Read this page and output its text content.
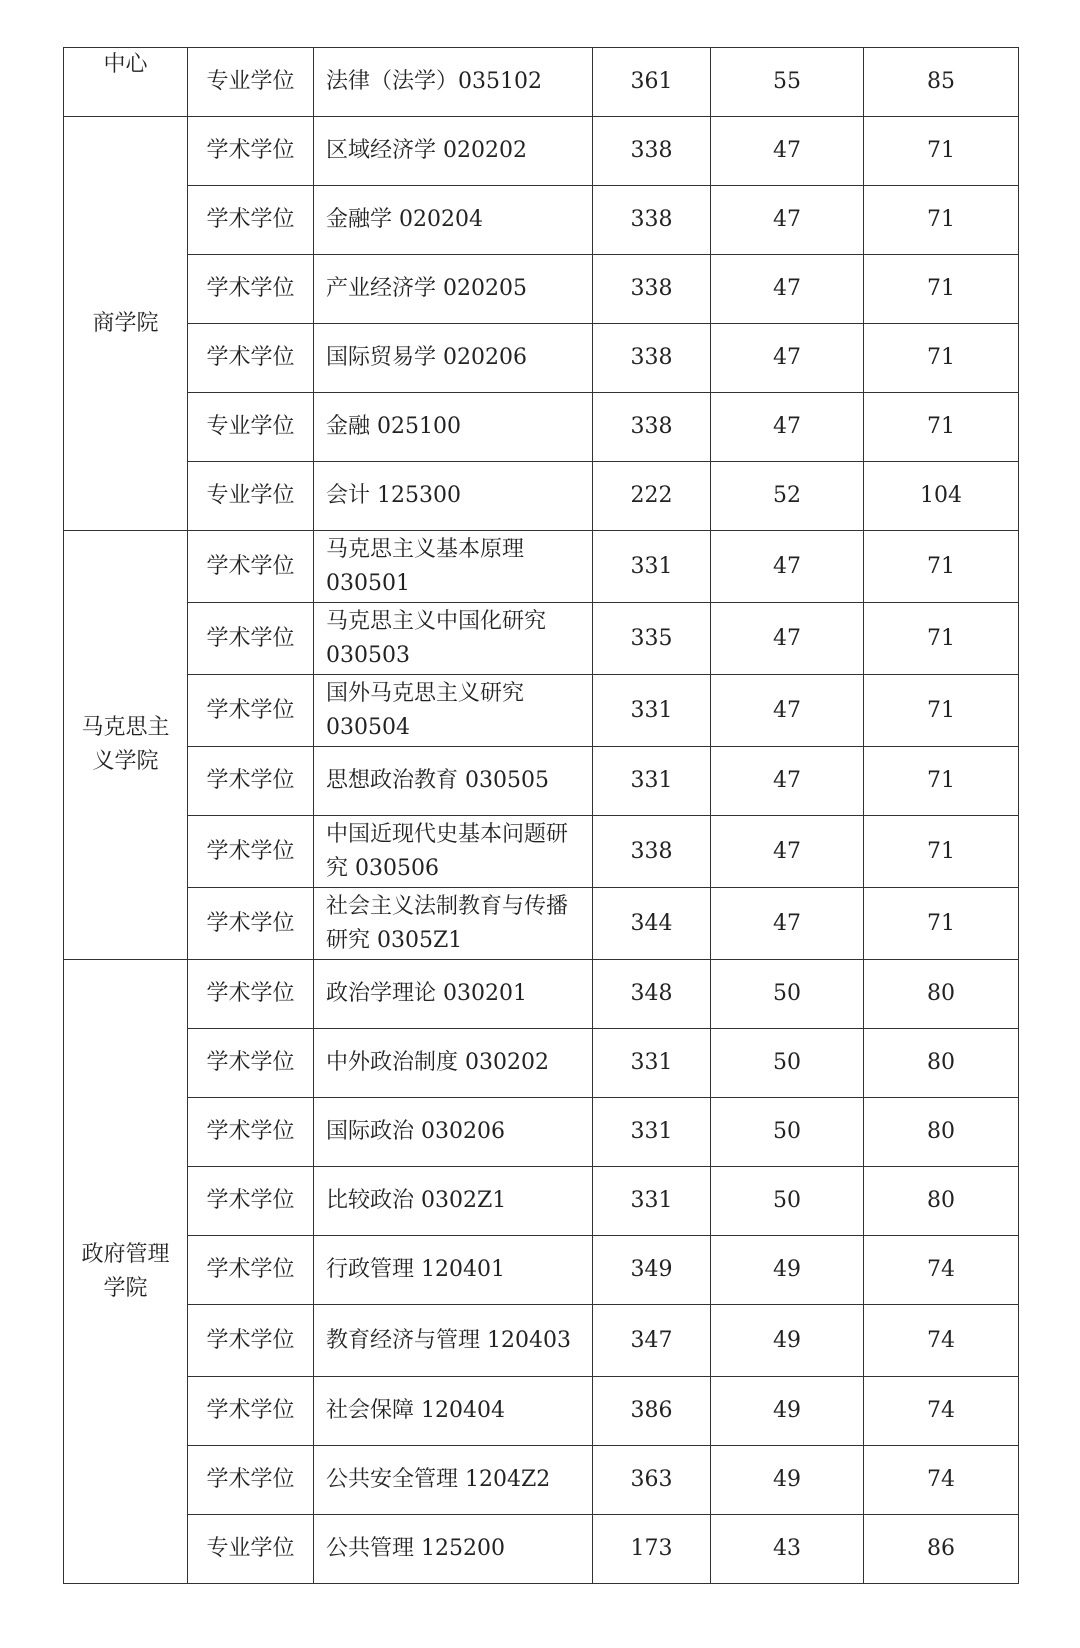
中心	专业学位	法律（法学）035102	361	55	85
商学院	学术学位	区域经济学 020202	338	47	71
	学术学位	金融学 020204	338	47	71
	学术学位	产业经济学 020205	338	47	71
	学术学位	国际贸易学 020206	338	47	71
	专业学位	金融 025100	338	47	71
	专业学位	会计 125300	222	52	104
马克思主义学院	学术学位	马克思主义基本原理 030501	331	47	71
	学术学位	马克思主义中国化研究 030503	335	47	71
	学术学位	国外马克思主义研究 030504	331	47	71
	学术学位	思想政治教育 030505	331	47	71
	学术学位	中国近现代史基本问题研究 030506	338	47	71
	学术学位	社会主义法制教育与传播研究 0305Z1	344	47	71
政府管理学院	学术学位	政治学理论 030201	348	50	80
	学术学位	中外政治制度 030202	331	50	80
	学术学位	国际政治 030206	331	50	80
	学术学位	比较政治 0302Z1	331	50	80
	学术学位	行政管理 120401	349	49	74
	学术学位	教育经济与管理 120403	347	49	74
	学术学位	社会保障 120404	386	49	74
	学术学位	公共安全管理 1204Z2	363	49	74
	专业学位	公共管理 125200	173	43	86
